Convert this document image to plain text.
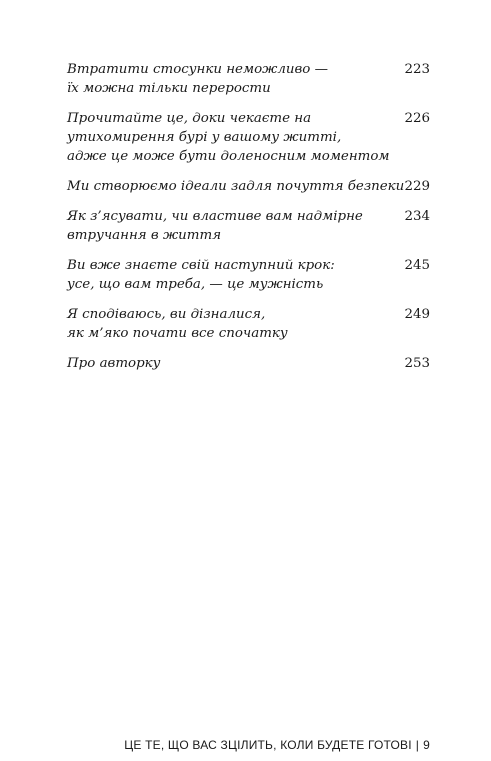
Втратити стосунки неможливо —
їх можна тільки перерости
223
Прочитайте це, доки чекаєте на
утихомирення бурі у вашому житті,
адже це може бути доленосним моментом
226
Ми створюємо ідеали задля почуття безпеки 229
Як з’ясувати, чи властиве вам надмірне
втручання в життя
234
Ви вже знаєте свій наступний крок:
усе, що вам треба, — це мужність
245
Я сподіваюсь, ви дізналися,
як м’яко почати все спочатку
249
Про авторку	253
ЦЕ ТЕ, ЩО ВАС ЗЦІЛИТЬ, КОЛИ БУДЕТЕ ГОТОВІ | 9
